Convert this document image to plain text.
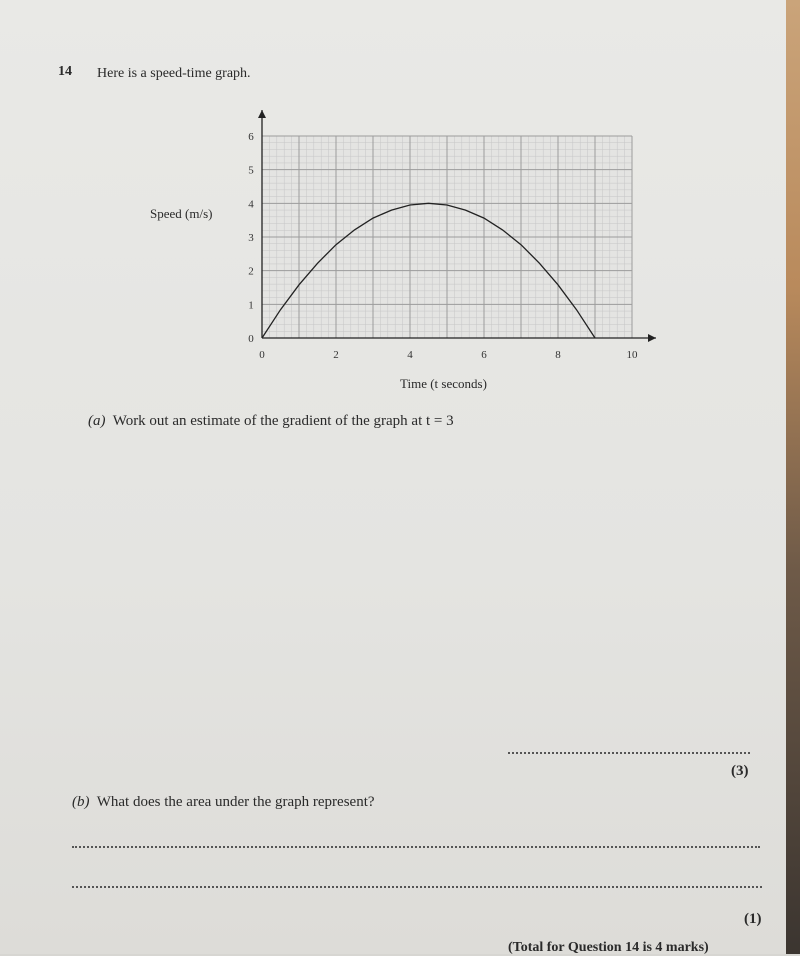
14 Here is a speed-time graph.
Speed (m/s)
Time (t seconds)
0	2	4	6	8	10
0
1
2
3
4
5
6
(a) Work out an estimate of the gradient of the graph at t = 3
(3)
(b) What does the area under the graph represent?
(1)
(Total for Question 14 is 4 marks)
